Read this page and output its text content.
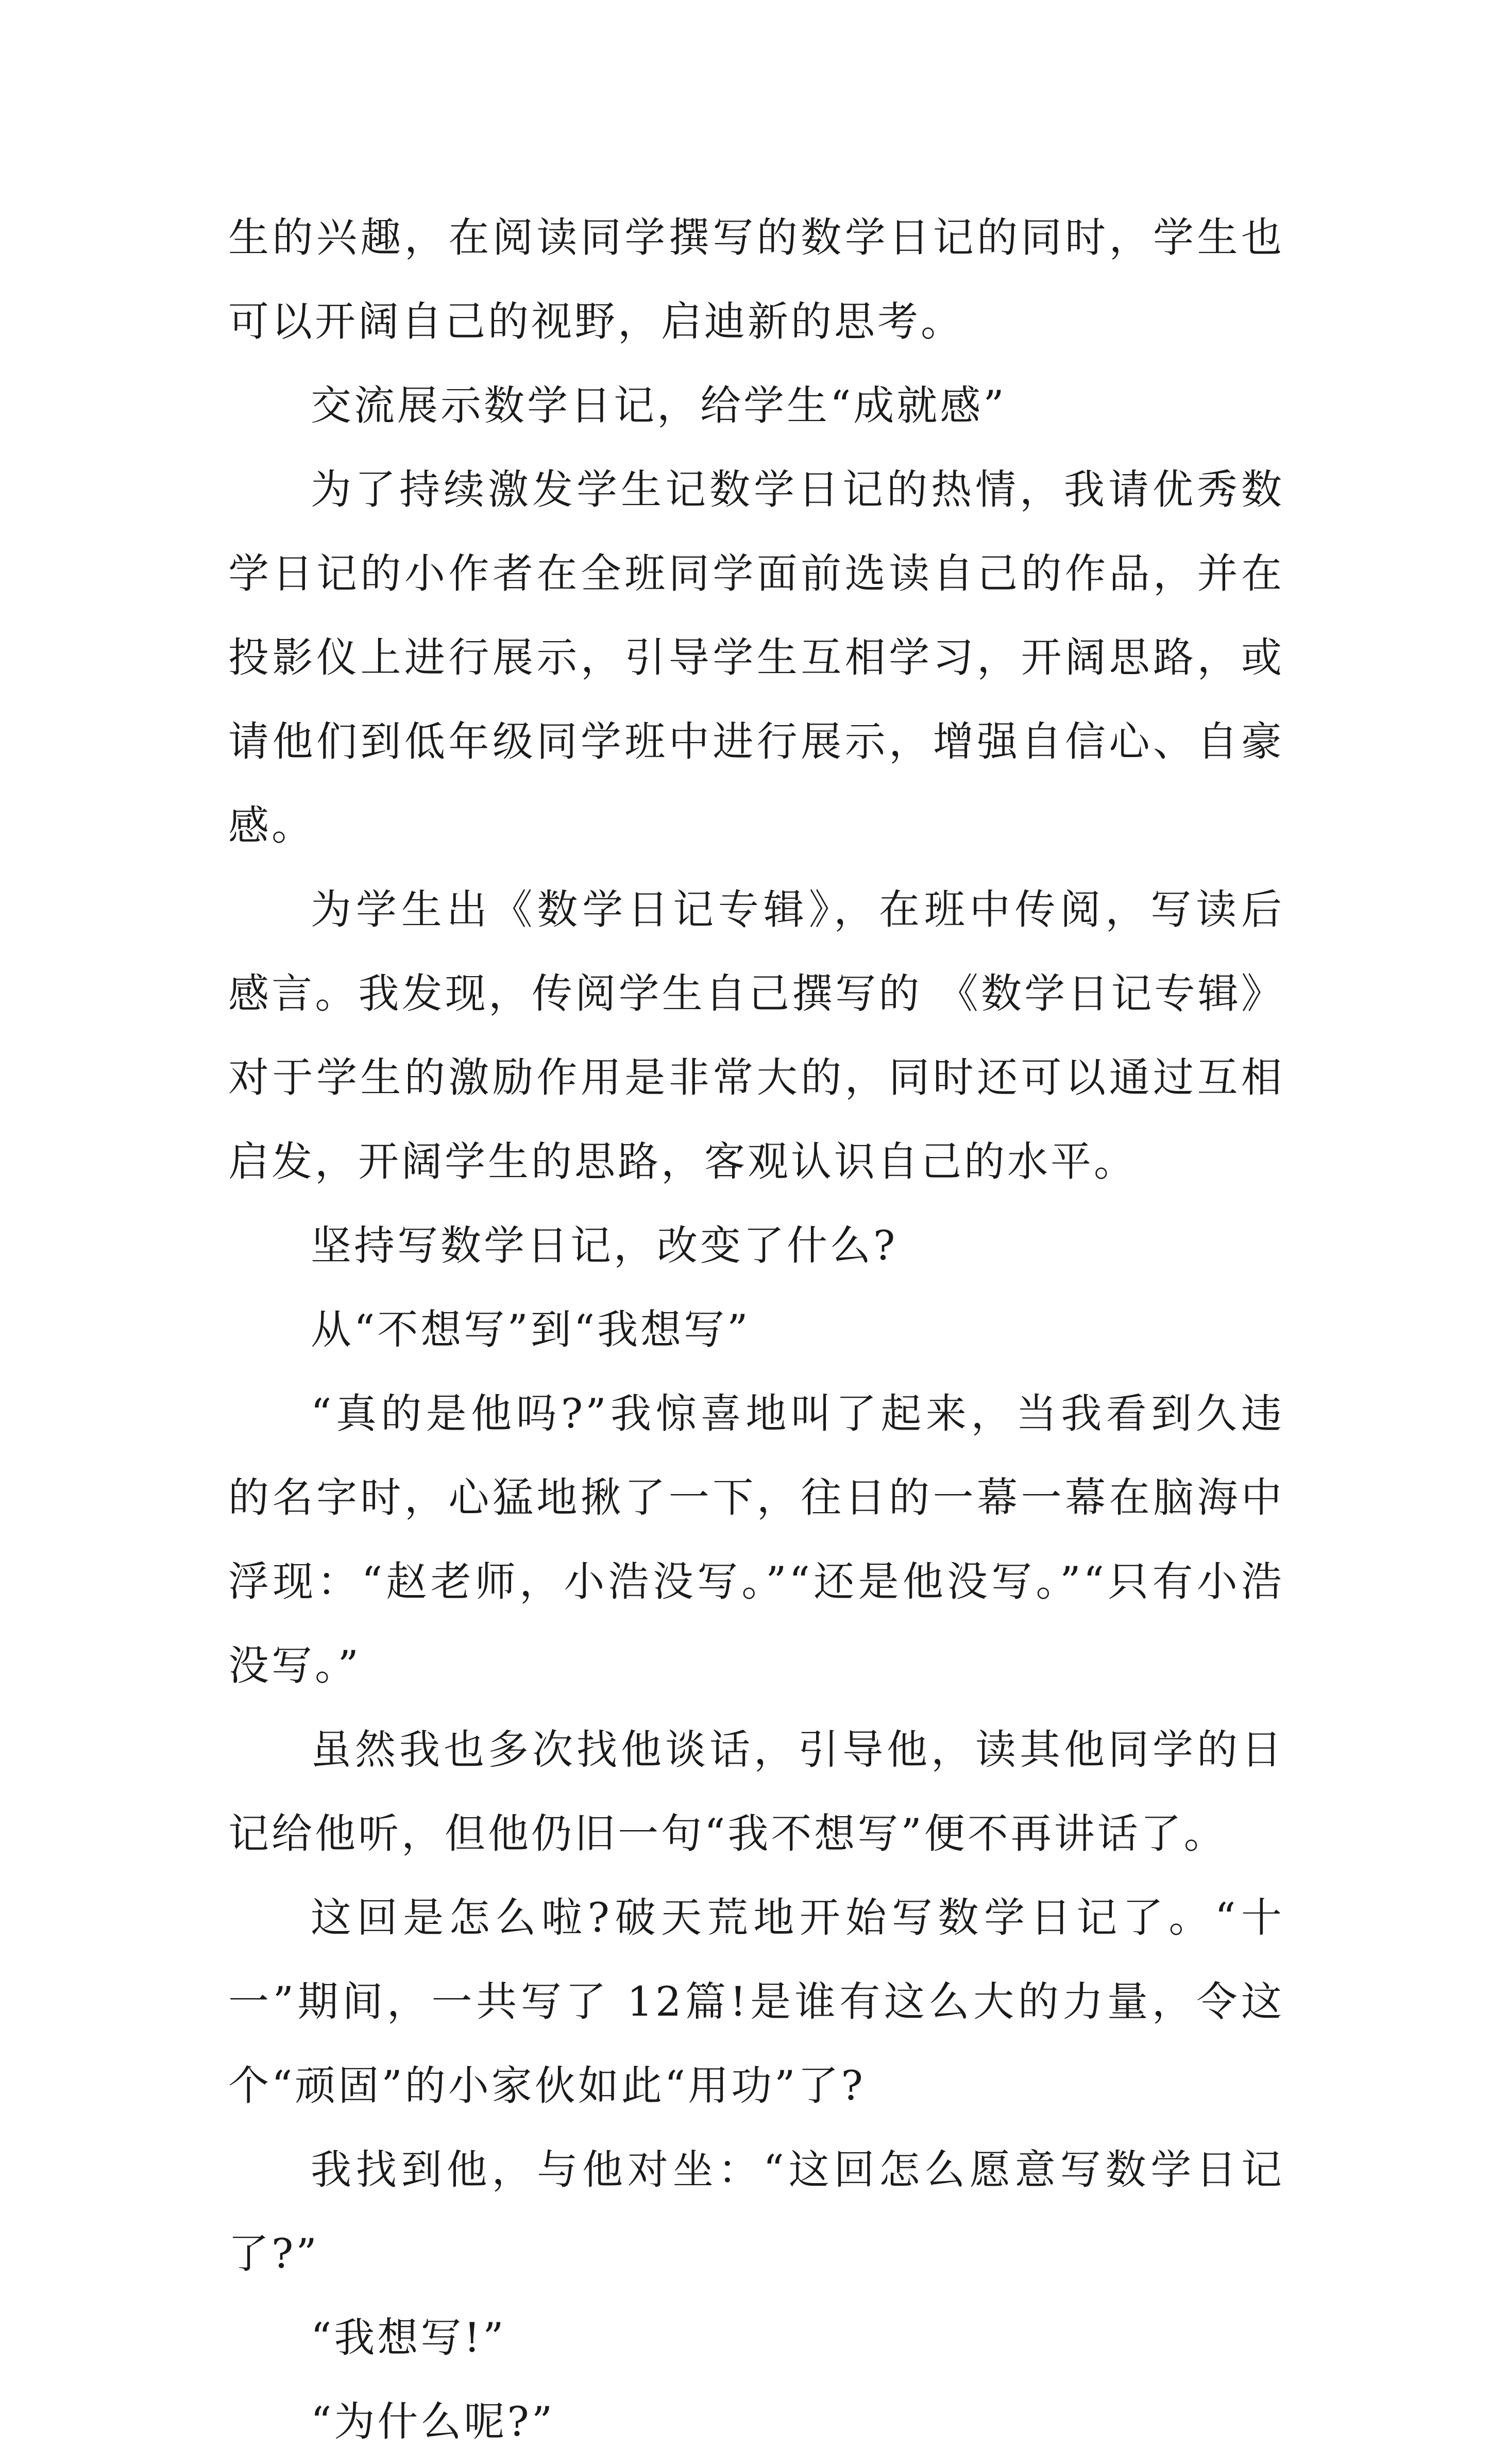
生的兴趣，在阅读同学撰写的数学日记的同时，学生也可以开阔自己的视野，启迪新的思考。

交流展示数学日记，给学生“成就感”

为了持续激发学生记数学日记的热情，我请优秀数学日记的小作者在全班同学面前选读自己的作品，并在投影仪上进行展示，引导学生互相学习，开阔思路，或请他们到低年级同学班中进行展示，增强自信心、自豪感。

为学生出《数学日记专辑》，在班中传阅，写读后感言。我发现，传阅学生自己撰写的 《数学日记专辑》对于学生的激励作用是非常大的，同时还可以通过互相启发，开阔学生的思路，客观认识自己的水平。

坚持写数学日记，改变了什么?

从“不想写”到“我想写”

“真的是他吗?”我惊喜地叫了起来，当我看到久违的名字时，心猛地揪了一下，往日的一幕一幕在脑海中浮现：“赵老师，小浩没写。”“还是他没写。”“只有小浩没写。”

虽然我也多次找他谈话，引导他，读其他同学的日记给他听，但他仍旧一句“我不想写”便不再讲话了。

这回是怎么啦?破天荒地开始写数学日记了。“十一”期间，一共写了 12篇!是谁有这么大的力量，令这个“顽固”的小家伙如此“用功”了?

我找到他，与他对坐：“这回怎么愿意写数学日记了?”

“我想写!”

“为什么呢?”
